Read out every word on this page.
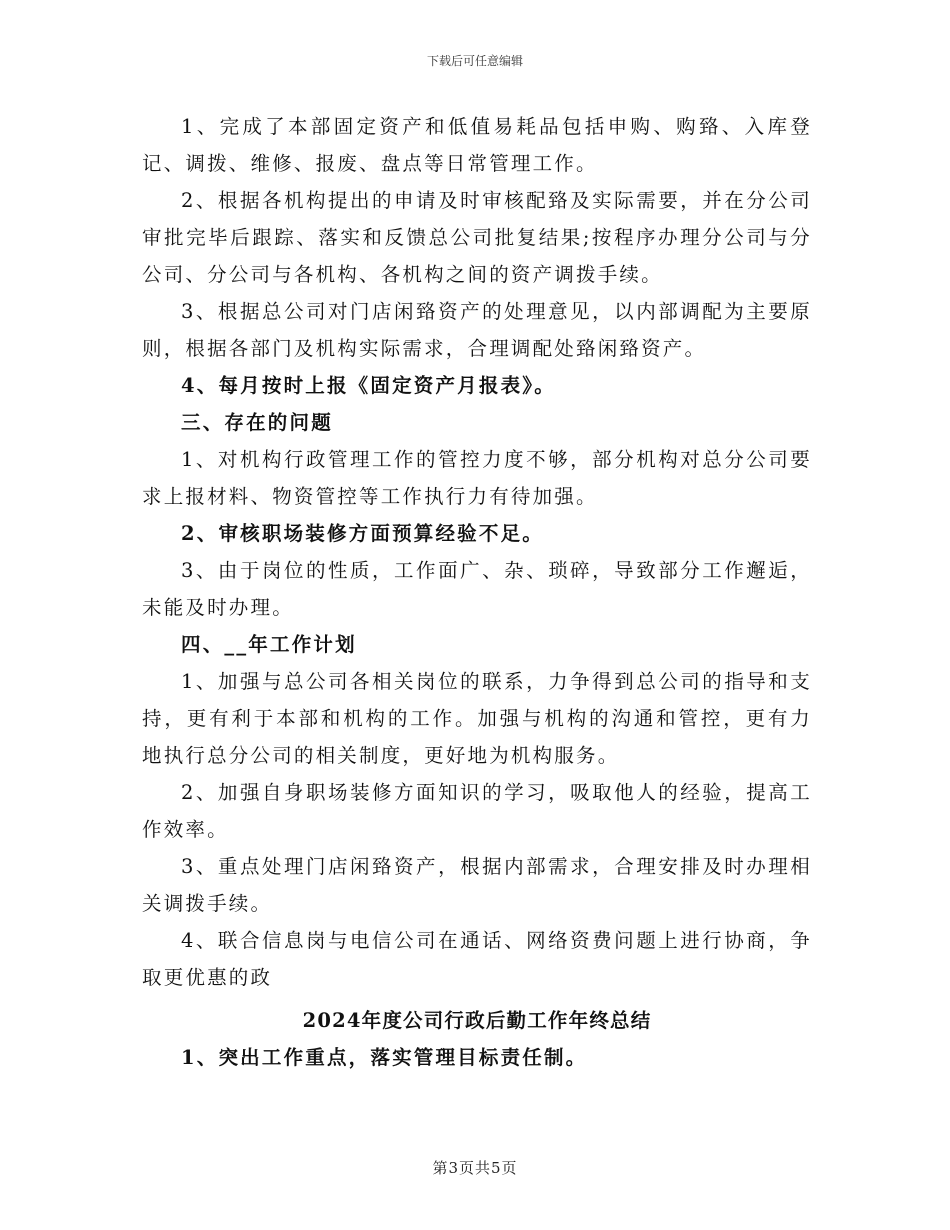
下载后可任意编辑

1、完成了本部固定资产和低值易耗品包括申购、购臵、入库登记、调拨、维修、报废、盘点等日常管理工作。

2、根据各机构提出的申请及时审核配臵及实际需要，并在分公司审批完毕后跟踪、落实和反馈总公司批复结果;按程序办理分公司与分公司、分公司与各机构、各机构之间的资产调拨手续。

3、根据总公司对门店闲臵资产的处理意见，以内部调配为主要原则，根据各部门及机构实际需求，合理调配处臵闲臵资产。

4、每月按时上报《固定资产月报表》。

三、存在的问题

1、对机构行政管理工作的管控力度不够，部分机构对总分公司要求上报材料、物资管控等工作执行力有待加强。

2、审核职场装修方面预算经验不足。

3、由于岗位的性质，工作面广、杂、琐碎，导致部分工作邂逅，未能及时办理。

四、__年工作计划

1、加强与总公司各相关岗位的联系，力争得到总公司的指导和支持，更有利于本部和机构的工作。加强与机构的沟通和管控，更有力地执行总分公司的相关制度，更好地为机构服务。

2、加强自身职场装修方面知识的学习，吸取他人的经验，提高工作效率。

3、重点处理门店闲臵资产，根据内部需求，合理安排及时办理相关调拨手续。

4、联合信息岗与电信公司在通话、网络资费问题上进行协商，争取更优惠的政

2024年度公司行政后勤工作年终总结

1、突出工作重点，落实管理目标责任制。

第3页共5页
